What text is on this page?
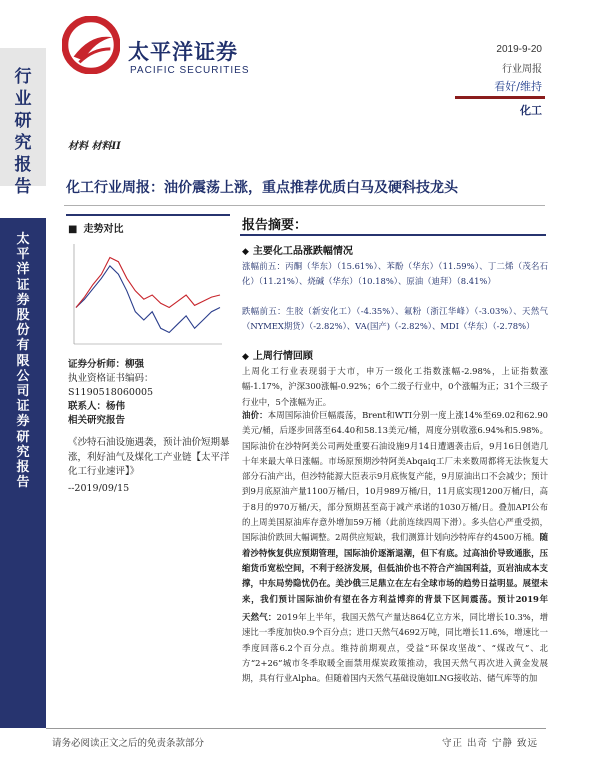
太平洋证券
PACIFIC SECURITIES
2019-9-20
行业周报
看好/维持
化工
行业研究报告
太平洋证券股份有限公司证券研究报告
材料 材料II
化工行业周报：油价震荡上涨，重点推荐优质白马及硬科技龙头
■ 走势对比
证券分析师：柳强
执业资格证书编码：S1190518060005
联系人：杨伟
相关研究报告

《沙特石油设施遇袭，预计油价短期暴涨，利好油气及煤化工产业链【太平洋化工行业速评】》

--2019/09/15

报告摘要：
◆ 主要化工品涨跌幅情况
涨幅前五：丙酮（华东）（15.61%）、苯酚（华东）（11.59%）、丁二烯（茂名石化）（11.21%）、烧碱（华东）（10.18%）、原油（迪拜）（8.41%）
跌幅前五：生胶（新安化工）（-4.35%）、氟粉（浙江华峰）（-3.03%）、天然气（NYMEX期货）（-2.82%）、VA(国产)（-2.82%）、MDI（华东）（-2.78%）
◆ 上周行情回顾
上周化工行业表现弱于大市，申万一级化工指数涨幅-2.98%，上证指数涨幅-1.17%，沪深300涨幅-0.92%；6个二级子行业中，0个涨幅为正；31个三级子行业中，5个涨幅为正。
油价：本周国际油价巨幅震荡，Brent和WTI分别一度上涨14%至69.02和62.90美元/桶，后逐步回落至64.40和58.13美元/桶，周度分别收涨6.94%和5.98%。国际油价在沙特阿美公司两处重要石油设施9月14日遭遇袭击后，9月16日创造几十年来最大单日涨幅。市场原预期沙特阿美Abqaiq工厂未来数周都将无法恢复大部分石油产出，但沙特能源大臣表示9月底恢复产能，9月原油出口不会减少；预计到9月底原油产量1100万桶/日，10月989万桶/日，11月底实现1200万桶/日，高于8月的970万桶/天，部分预期甚至高于减产承诺的1030万桶/日。叠加API公布的上周美国原油库存意外增加59万桶（此前连续四周下滑）。多头信心严重受损，国际油价跌回大幅调整。2周供应短缺，我们测算计划向沙特库存约4500万桶。随着沙特恢复供应预期管理，国际油价逐渐退潮，但下有底。过高油价导致通胀，压缩货币宽松空间，不利于经济发展，但低油价也不符合产油国利益，页岩油成本支撑，中东局势隐忧仍在。美沙俄三足鼎立在左右全球市场的趋势日益明显。展望未来，我们预计国际油价有望在各方利益博弈的背景下区间震荡。预计2019年
天然气：2019年上半年，我国天然气产量达864亿立方米，同比增长10.3%，增速比一季度加快0.9个百分点；进口天然气4692万吨，同比增长11.6%，增速比一季度回落6.2个百分点。维持前期观点，受益“环保攻坚战”、“煤改气”、北方“2+26”城市冬季取暖全面禁用煤炭政策推动，我国天然气再次进入黄金发展期，具有行业Alpha。但随着国内天然气基础设施如LNG接收站、储气库等的加
请务必阅读正文之后的免责条款部分	守正 出奇 宁静 致远
